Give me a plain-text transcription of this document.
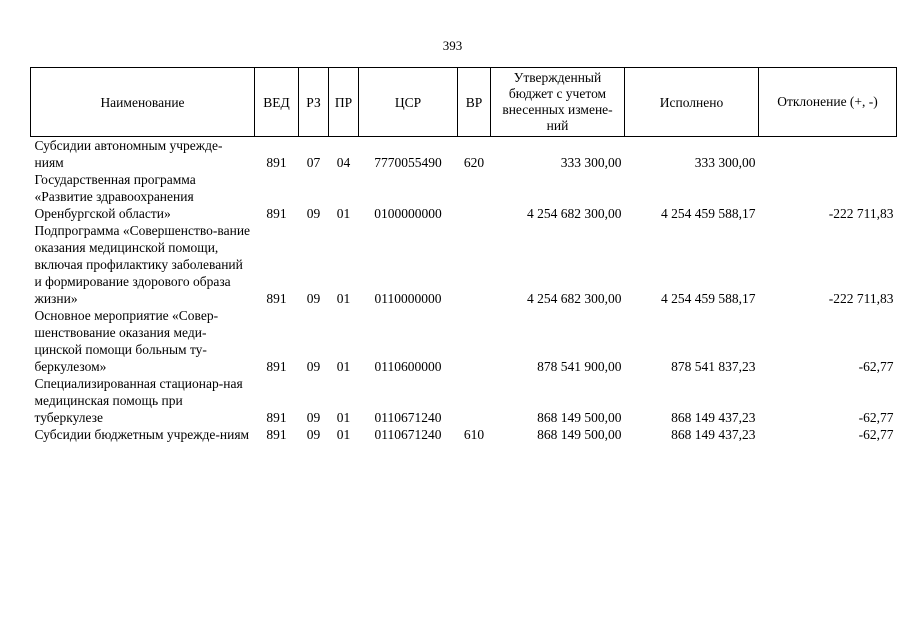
393
Наименование	ВЕД	РЗ	ПР	ЦСР	ВР	Утвержденный бюджет с учетом внесенных измене-ний	Исполнено	Отклонение (+, -)
Субсидии автономным учрежде-ниям	891	07	04	7770055490	620	333 300,00	333 300,00	
Государственная программа «Развитие здравоохранения Оренбургской области»	891	09	01	0100000000		4 254 682 300,00	4 254 459 588,17	-222 711,83
Подпрограмма «Совершенство-вание оказания медицинской помощи, включая профилактику заболеваний и формирование здорового образа жизни»	891	09	01	0110000000		4 254 682 300,00	4 254 459 588,17	-222 711,83
Основное мероприятие «Совер-шенствование оказания меди-цинской помощи больным ту-беркулезом»	891	09	01	0110600000		878 541 900,00	878 541 837,23	-62,77
Специализированная стационар-ная медицинская помощь при туберкулезе	891	09	01	0110671240		868 149 500,00	868 149 437,23	-62,77
Субсидии бюджетным учрежде-ниям	891	09	01	0110671240	610	868 149 500,00	868 149 437,23	-62,77
